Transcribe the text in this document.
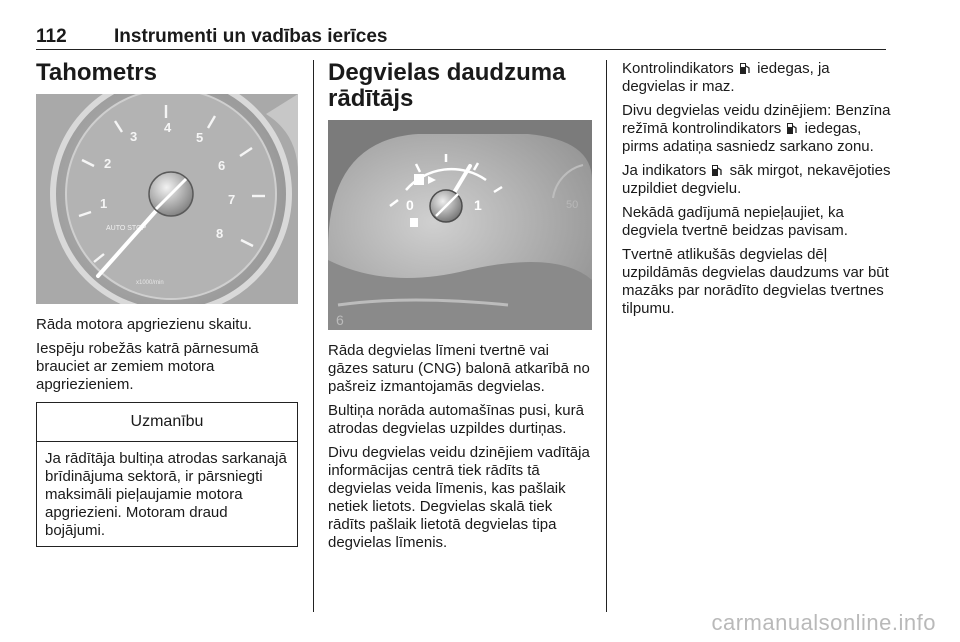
112 Instrumenti un vadības ierīces
Tahometrs
1
2
3
4
5
6
7
8
AUTO STOP
x1000/min

Rāda motora apgriezienu skaitu.

Iespēju robežās katrā pārnesumā brauciet ar zemiem motora apgriezieniem.

Uzmanību
Ja rādītāja bultiņa atrodas sarkanajā brīdinājuma sektorā, ir pārsniegti maksimāli pieļaujamie motora apgriezieni. Motoram draud bojājumi.
Degvielas daudzuma rādītājs
0	1	50
6

Rāda degvielas līmeni tvertnē vai gāzes saturu (CNG) balonā atkarībā no pašreiz izmantojamās degvielas.

Bultiņa norāda automašīnas pusi, kurā atrodas degvielas uzpildes durtiņas.

Divu degvielas veidu dzinējiem vadītāja informācijas centrā tiek rādīts tā degvielas veida līmenis, kas pašlaik netiek lietots. Degvielas skalā tiek rādīts pašlaik lietotā degvielas tipa degvielas līmenis.

Kontrolindikators iedegas, ja degvielas ir maz.

Divu degvielas veidu dzinējiem: Benzīna režīmā kontrolindikators iedegas, pirms adatiņa sasniedz sarkano zonu.

Ja indikators sāk mirgot, nekavējoties uzpildiet degvielu.

Nekādā gadījumā nepieļaujiet, ka degviela tvertnē beidzas pavisam.

Tvertnē atlikušās degvielas dēļ uzpildāmās degvielas daudzums var būt mazāks par norādīto degvielas tvertnes tilpumu.

carmanualsonline.info
